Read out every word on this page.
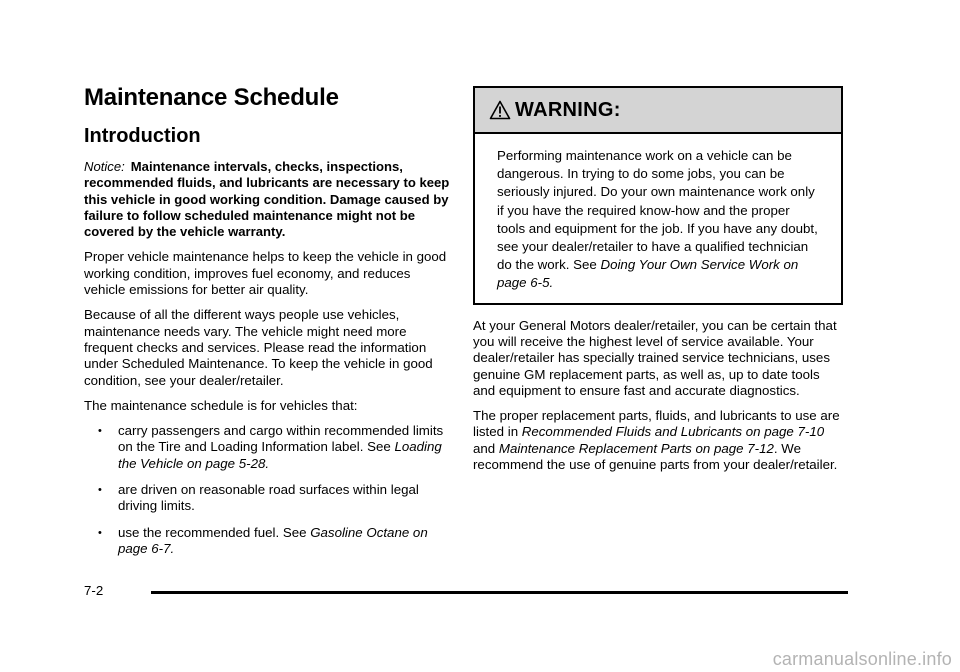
Maintenance Schedule
Introduction

Notice: Maintenance intervals, checks, inspections, recommended fluids, and lubricants are necessary to keep this vehicle in good working condition. Damage caused by failure to follow scheduled maintenance might not be covered by the vehicle warranty.

Proper vehicle maintenance helps to keep the vehicle in good working condition, improves fuel economy, and reduces vehicle emissions for better air quality.

Because of all the different ways people use vehicles, maintenance needs vary. The vehicle might need more frequent checks and services. Please read the information under Scheduled Maintenance. To keep the vehicle in good condition, see your dealer/retailer.

The maintenance schedule is for vehicles that:

• carry passengers and cargo within recommended limits on the Tire and Loading Information label. See Loading the Vehicle on page 5-28.
• are driven on reasonable road surfaces within legal driving limits.
• use the recommended fuel. See Gasoline Octane on page 6-7.
WARNING:
Performing maintenance work on a vehicle can be dangerous. In trying to do some jobs, you can be seriously injured. Do your own maintenance work only if you have the required know-how and the proper tools and equipment for the job. If you have any doubt, see your dealer/retailer to have a qualified technician do the work. See Doing Your Own Service Work on page 6-5.

At your General Motors dealer/retailer, you can be certain that you will receive the highest level of service available. Your dealer/retailer has specially trained service technicians, uses genuine GM replacement parts, as well as, up to date tools and equipment to ensure fast and accurate diagnostics.

The proper replacement parts, fluids, and lubricants to use are listed in Recommended Fluids and Lubricants on page 7-10 and Maintenance Replacement Parts on page 7-12. We recommend the use of genuine parts from your dealer/retailer.

7-2
carmanualsonline.info
